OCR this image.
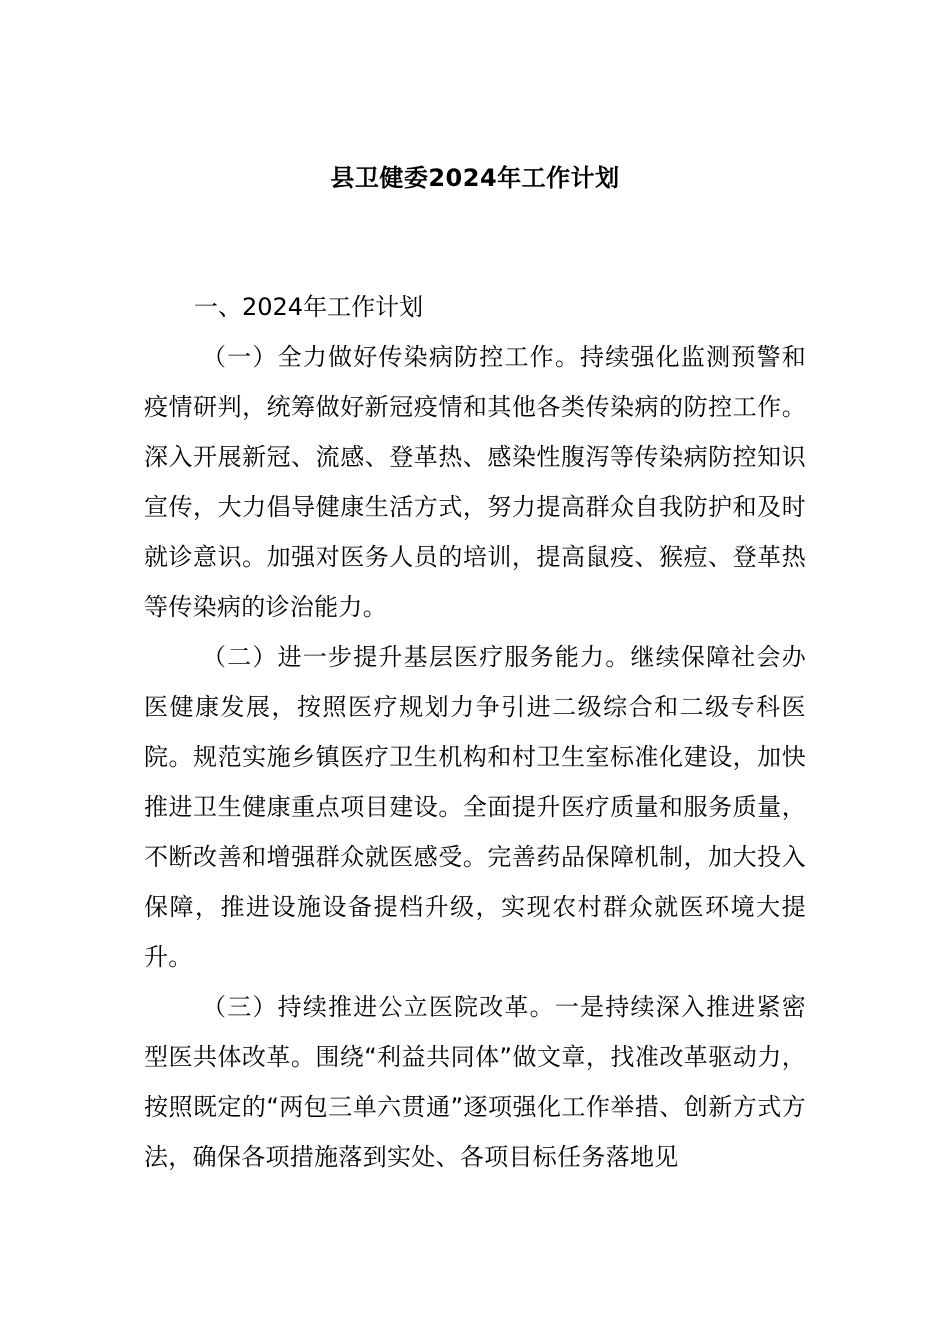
县卫健委2024年工作计划

一、2024年工作计划

（一）全力做好传染病防控工作。持续强化监测预警和疫情研判，统筹做好新冠疫情和其他各类传染病的防控工作。深入开展新冠、流感、登革热、感染性腹泻等传染病防控知识宣传，大力倡导健康生活方式，努力提高群众自我防护和及时就诊意识。加强对医务人员的培训，提高鼠疫、猴痘、登革热等传染病的诊治能力。

（二）进一步提升基层医疗服务能力。继续保障社会办医健康发展，按照医疗规划力争引进二级综合和二级专科医院。规范实施乡镇医疗卫生机构和村卫生室标准化建设，加快推进卫生健康重点项目建设。全面提升医疗质量和服务质量，不断改善和增强群众就医感受。完善药品保障机制，加大投入保障，推进设施设备提档升级，实现农村群众就医环境大提升。

（三）持续推进公立医院改革。一是持续深入推进紧密型医共体改革。围绕“利益共同体”做文章，找准改革驱动力，按照既定的“两包三单六贯通”逐项强化工作举措、创新方式方法，确保各项措施落到实处、各项目标任务落地见
